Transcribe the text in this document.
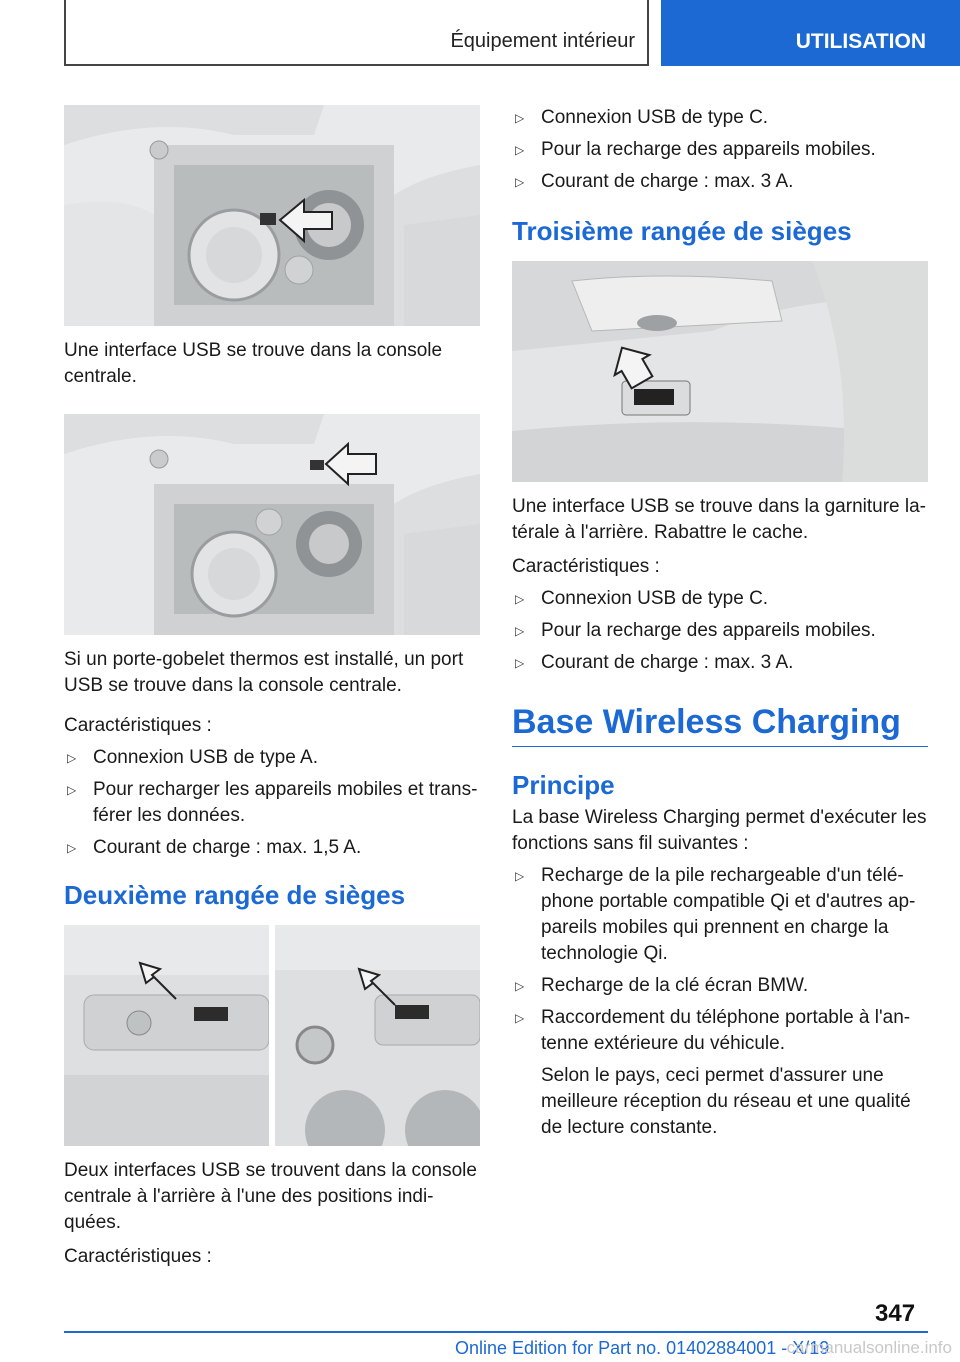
Équipement intérieur	UTILISATION

Une interface USB se trouve dans la console centrale.

Si un porte-gobelet thermos est installé, un port USB se trouve dans la console centrale.

Caractéristiques :

▷ Connexion USB de type A.
▷ Pour recharger les appareils mobiles et trans-férer les données.
▷ Courant de charge : max. 1,5 A.
Deuxième rangée de sièges

Deux interfaces USB se trouvent dans la console centrale à l'arrière à l'une des positions indi-quées.

Caractéristiques :

▷ Connexion USB de type C.
▷ Pour la recharge des appareils mobiles.
▷ Courant de charge : max. 3 A.
Troisième rangée de sièges

Une interface USB se trouve dans la garniture la-térale à l'arrière. Rabattre le cache.

Caractéristiques :

▷ Connexion USB de type C.
▷ Pour la recharge des appareils mobiles.
▷ Courant de charge : max. 3 A.
Base Wireless Charging
Principe

La base Wireless Charging permet d'exécuter les fonctions sans fil suivantes :

▷ Recharge de la pile rechargeable d'un télé-phone portable compatible Qi et d'autres ap-pareils mobiles qui prennent en charge la technologie Qi.
▷ Recharge de la clé écran BMW.
▷ Raccordement du téléphone portable à l'an-tenne extérieure du véhicule.
Selon le pays, ceci permet d'assurer une meilleure réception du réseau et une qualité de lecture constante.
347
Online Edition for Part no. 01402884001 - X/19
carmanualsonline.info
